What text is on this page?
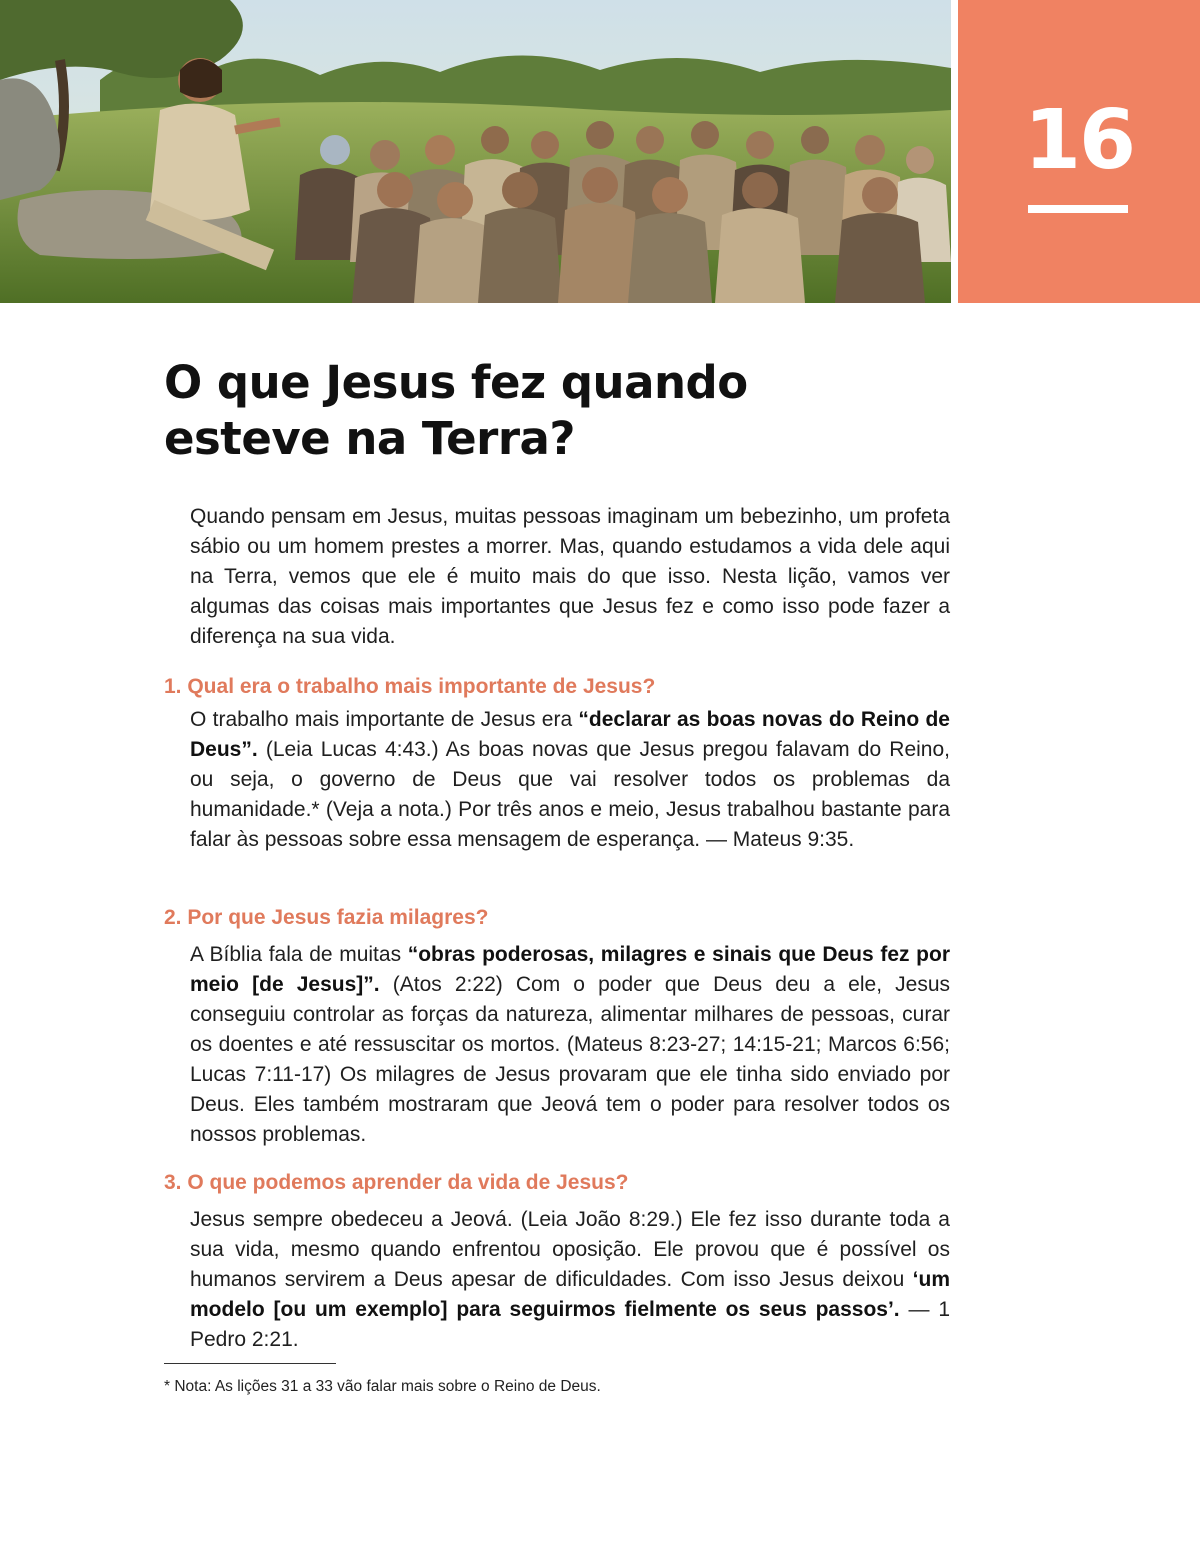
16
O que Jesus fez quando
esteve na Terra?

Quando pensam em Jesus, muitas pessoas imaginam um bebezinho, um profeta sábio ou um homem prestes a morrer. Mas, quando estudamos a vida dele aqui na Terra, vemos que ele é muito mais do que isso. Nesta lição, vamos ver algumas das coisas mais importantes que Jesus fez e como isso pode fazer a diferença na sua vida.

1. Qual era o trabalho mais importante de Jesus?

O trabalho mais importante de Jesus era “declarar as boas novas do Reino de Deus”. (Leia Lucas 4:43.) As boas novas que Jesus pregou falavam do Reino, ou seja, o governo de Deus que vai resolver todos os problemas da humanidade.* (Veja a nota.) Por três anos e meio, Jesus trabalhou bastante para falar às pessoas sobre essa mensagem de esperança. — Mateus 9:35.

2. Por que Jesus fazia milagres?

A Bíblia fala de muitas “obras poderosas, milagres e sinais que Deus fez por meio [de Jesus]”. (Atos 2:22) Com o poder que Deus deu a ele, Jesus conseguiu controlar as forças da natureza, alimentar milhares de pessoas, curar os doentes e até ressuscitar os mortos. (Mateus 8:23-27; 14:15-21; Marcos 6:56; Lucas 7:11-17) Os milagres de Jesus provaram que ele tinha sido enviado por Deus. Eles também mostraram que Jeová tem o poder para resolver todos os nossos problemas.

3. O que podemos aprender da vida de Jesus?

Jesus sempre obedeceu a Jeová. (Leia João 8:29.) Ele fez isso durante toda a sua vida, mesmo quando enfrentou oposição. Ele provou que é possível os humanos servirem a Deus apesar de dificuldades. Com isso Jesus deixou ‘um modelo [ou um exemplo] para seguirmos fielmente os seus passos’. — 1 Pedro 2:21.

* Nota: As lições 31 a 33 vão falar mais sobre o Reino de Deus.
